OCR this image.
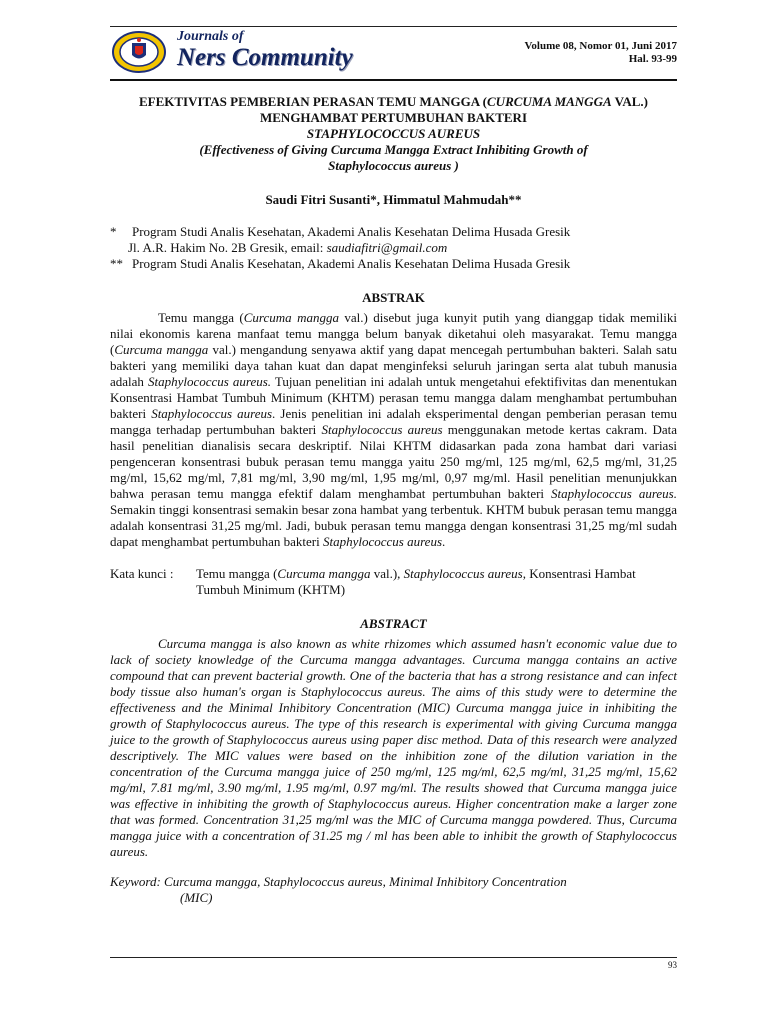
Journals of
Ners Community	Volume 08, Nomor 01, Juni 2017
Hal. 93-99
EFEKTIVITAS PEMBERIAN PERASAN TEMU MANGGA (CURCUMA MANGGA VAL.) MENGHAMBAT PERTUMBUHAN BAKTERI
STAPHYLOCOCCUS AUREUS
(Effectiveness of Giving Curcuma Mangga Extract Inhibiting Growth of
Staphylococcus aureus )
Saudi Fitri Susanti*, Himmatul Mahmudah**
*	Program Studi Analis Kesehatan, Akademi Analis Kesehatan Delima Husada Gresik
Jl. A.R. Hakim No. 2B Gresik, email: saudiafitri@gmail.com
** Program Studi Analis Kesehatan, Akademi Analis Kesehatan Delima Husada Gresik
ABSTRAK

Temu mangga (Curcuma mangga val.) disebut juga kunyit putih yang dianggap tidak memiliki nilai ekonomis karena manfaat temu mangga belum banyak diketahui oleh masyarakat. Temu mangga (Curcuma mangga val.) mengandung senyawa aktif yang dapat mencegah pertumbuhan bakteri. Salah satu bakteri yang memiliki daya tahan kuat dan dapat menginfeksi seluruh jaringan serta alat tubuh manusia adalah Staphylococcus aureus. Tujuan penelitian ini adalah untuk mengetahui efektifivitas dan menentukan Konsentrasi Hambat Tumbuh Minimum (KHTM) perasan temu mangga dalam menghambat pertumbuhan bakteri Staphylococcus aureus. Jenis penelitian ini adalah eksperimental dengan pemberian perasan temu mangga terhadap pertumbuhan bakteri Staphylococcus aureus menggunakan metode kertas cakram. Data hasil penelitian dianalisis secara deskriptif. Nilai KHTM didasarkan pada zona hambat dari variasi pengenceran konsentrasi bubuk perasan temu mangga yaitu 250 mg/ml, 125 mg/ml, 62,5 mg/ml, 31,25 mg/ml, 15,62 mg/ml, 7,81 mg/ml, 3,90 mg/ml, 1,95 mg/ml, 0,97 mg/ml. Hasil penelitian menunjukkan bahwa perasan temu mangga efektif dalam menghambat pertumbuhan bakteri Staphylococcus aureus. Semakin tinggi konsentrasi semakin besar zona hambat yang terbentuk. KHTM bubuk perasan temu mangga adalah konsentrasi 31,25 mg/ml. Jadi, bubuk perasan temu mangga dengan konsentrasi 31,25 mg/ml sudah dapat menghambat pertumbuhan bakteri Staphylococcus aureus.

Kata kunci :	Temu mangga (Curcuma mangga val.), Staphylococcus aureus, Konsentrasi Hambat Tumbuh Minimum (KHTM)
ABSTRACT

Curcuma mangga is also known as white rhizomes which assumed hasn't economic value due to lack of society knowledge of the Curcuma mangga advantages. Curcuma mangga contains an active compound that can prevent bacterial growth. One of the bacteria that has a strong resistance and can infect body tissue also human's organ is Staphylococcus aureus. The aims of this study were to determine the effectiveness and the Minimal Inhibitory Concentration (MIC) Curcuma mangga juice in inhibiting the growth of Staphylococcus aureus. The type of this research is experimental with giving Curcuma mangga juice to the growth of Staphylococcus aureus using paper disc method. Data of this research were analyzed descriptively. The MIC values were based on the inhibition zone of the dilution variation in the concentration of the Curcuma mangga juice of 250 mg/ml, 125 mg/ml, 62,5 mg/ml, 31,25 mg/ml, 15,62 mg/ml, 7.81 mg/ml, 3.90 mg/ml, 1.95 mg/ml, 0.97 mg/ml. The results showed that Curcuma mangga juice was effective in inhibiting the growth of Staphylococcus aureus. Higher concentration make a larger zone that was formed. Concentration 31,25 mg/ml was the MIC of Curcuma mangga powdered. Thus, Curcuma mangga juice with a concentration of 31.25 mg / ml has been able to inhibit the growth of Staphylococcus aureus.

Keyword: Curcuma mangga, Staphylococcus aureus, Minimal Inhibitory Concentration
(MIC)
93
